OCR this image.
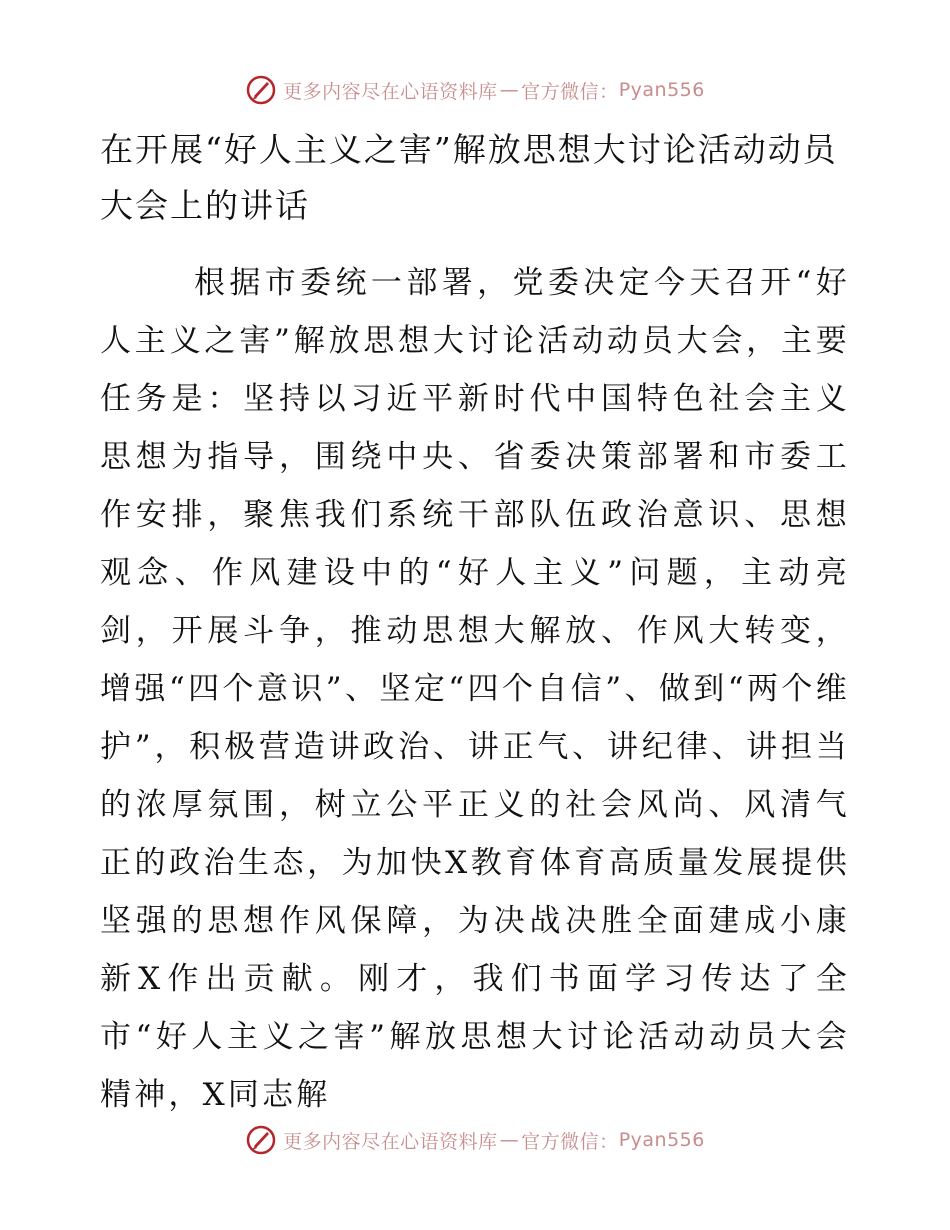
更多内容尽在心语资料库 — 官方微信： Pyan556
在开展“好人主义之害”解放思想大讨论活动动员大会上的讲话

根据市委统一部署，党委决定今天召开“好人主义之害”解放思想大讨论活动动员大会，主要任务是：坚持以习近平新时代中国特色社会主义思想为指导，围绕中央、省委决策部署和市委工作安排，聚焦我们系统干部队伍政治意识、思想观念、作风建设中的“好人主义”问题，主动亮剑，开展斗争，推动思想大解放、作风大转变，增强“四个意识”、坚定“四个自信”、做到“两个维护”，积极营造讲政治、讲正气、讲纪律、讲担当的浓厚氛围，树立公平正义的社会风尚、风清气正的政治生态，为加快X教育体育高质量发展提供坚强的思想作风保障，为决战决胜全面建成小康新X作出贡献。刚才，我们书面学习传达了全市“好人主义之害”解放思想大讨论活动动员大会精神，X同志解

更多内容尽在心语资料库 — 官方微信： Pyan556
